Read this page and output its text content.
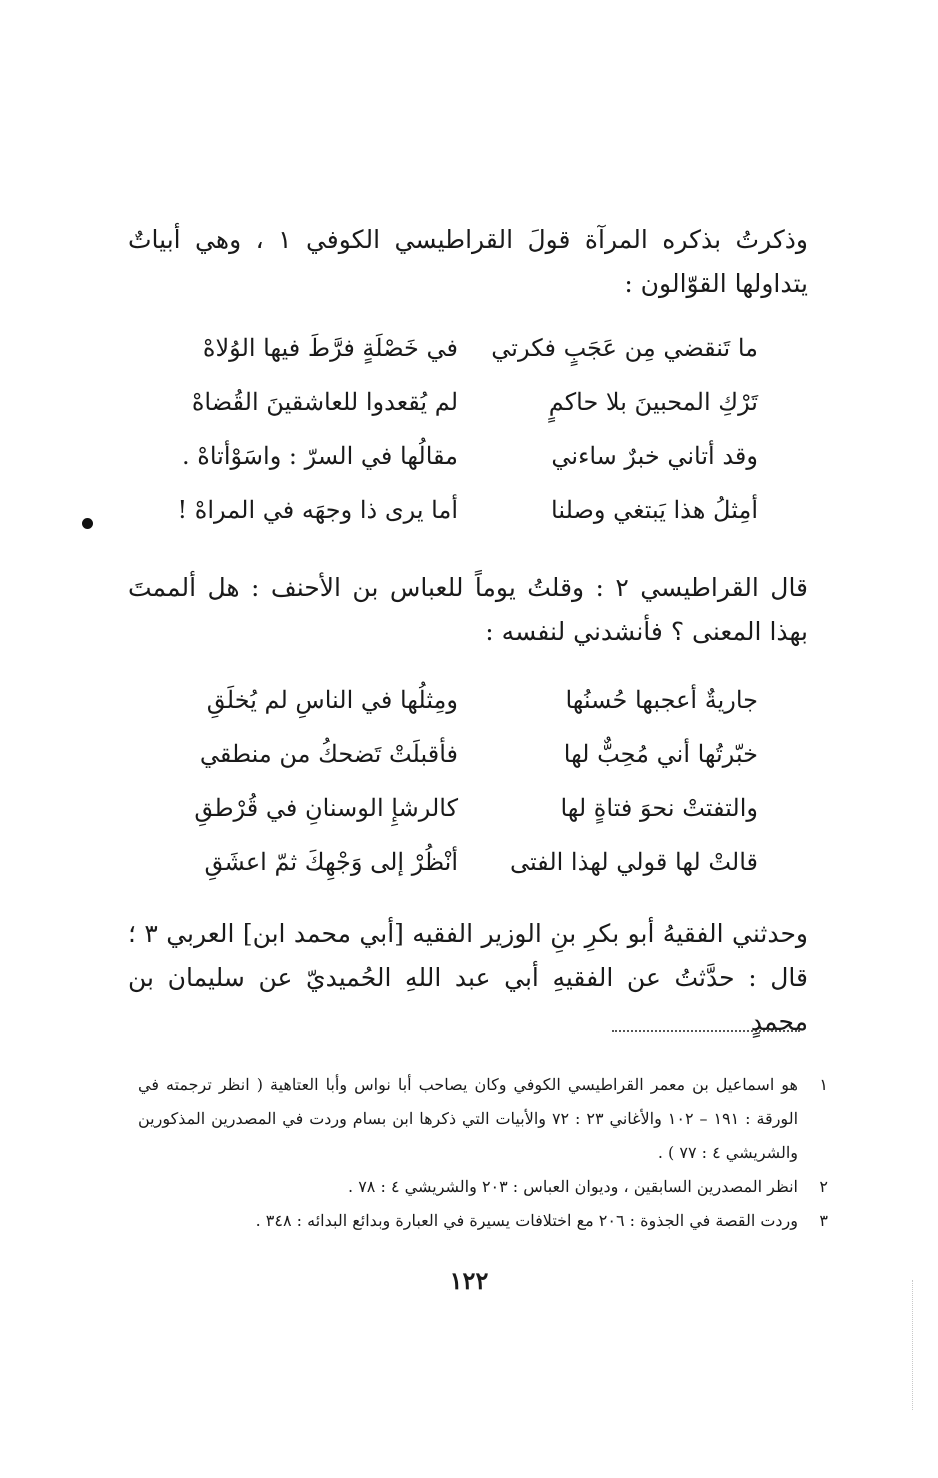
وذكرتُ بذكره المرآة قولَ القراطيسي الكوفي ١ ، وهي أبياتٌ يتداولها القوّالون :

ما تَنقضي مِن عَجَبٍ فكرتي
في خَصْلَةٍ فرَّطَ فيها الوُلاهْ
تَرْكِ المحبينَ بلا حاكمٍ
لم يُقعدوا للعاشقينَ القُضاهْ
وقد أتاني خبرٌ ساءني
مقالُها في السرّ : واسَوْأتاهْ .
أمِثلُ هذا يَبتغي وصلنا
أما يرى ذا وجهَه في المراهْ !

قال القراطيسي ٢ : وقلتُ يوماً للعباس بن الأحنف : هل ألممتَ بهذا المعنى ؟ فأنشدني لنفسه :

جاريةٌ أعجبها حُسنُها
ومِثلُها في الناسِ لم يُخلَقِ
خبّرتُها أني مُحِبٌّ لها
فأقبلَتْ تَضحكُ من منطقي
والتفتتْ نحوَ فتاةٍ لها
كالرشإِ الوسنانِ في قُرْطقِ
قالتْ لها قولي لهذا الفتى
أنْظُرْ إلى وَجْهِكَ ثمّ اعشَقِ

وحدثني الفقيهُ أبو بكرِ بنِ الوزير الفقيه [أبي محمد ابن] العربي ٣ ؛ قال : حدَّثتُ عن الفقيهِ أبي عبد اللهِ الحُميديّ عن سليمان بن محمدٍ

١
هو اسماعيل بن معمر القراطيسي الكوفي وكان يصاحب أبا نواس وأبا العتاهية ( انظر ترجمته في الورقة : ١٩١ – ١٠٢ والأغاني ٢٣ : ٧٢ والأبيات التي ذكرها ابن بسام وردت في المصدرين المذكورين والشريشي ٤ : ٧٧ ) .
٢
انظر المصدرين السابقين ، وديوان العباس : ٢٠٣ والشريشي ٤ : ٧٨ .
٣
وردت القصة في الجذوة : ٢٠٦ مع اختلافات يسيرة في العبارة وبدائع البدائه : ٣٤٨ .
١٢٢
